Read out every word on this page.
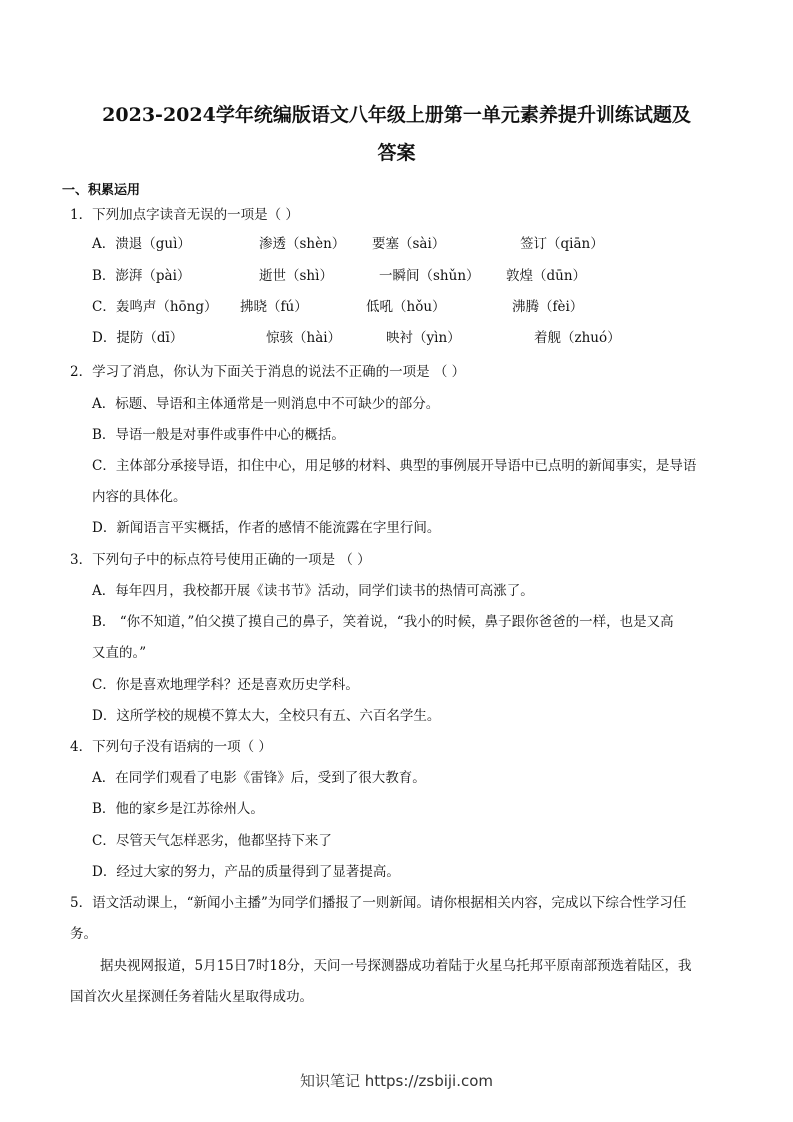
2023-2024学年统编版语文八年级上册第一单元素养提升训练试题及
答案
一、积累运用
1．下列加点字读音无误的一项是（ ）
A．溃退（guì）	渗透（shèn） 要塞（sài）	签订（qiān）
B．澎湃（pài）	逝世（shì）	一瞬间（shǔn） 敦煌（dūn）
C．轰鸣声（hōng） 拂晓（fú）	低吼（hǒu）	沸腾（fèi）
D．提防（dī）	惊骇（hài）	映衬（yìn）	着舰（zhuó）
2．学习了消息，你认为下面关于消息的说法不正确的一项是 （ ）
A．标题、导语和主体通常是一则消息中不可缺少的部分。
B．导语一般是对事件或事件中心的概括。
C．主体部分承接导语，扣住中心，用足够的材料、典型的事例展开导语中已点明的新闻事实，是导语
内容的具体化。
D．新闻语言平实概括，作者的感情不能流露在字里行间。
3．下列句子中的标点符号使用正确的一项是 （ ）
A．每年四月，我校都开展《读书节》活动，同学们读书的热情可高涨了。
B． “你不知道，”伯父摸了摸自己的鼻子，笑着说，“我小的时候，鼻子跟你爸爸的一样，也是又高
又直的。”
C．你是喜欢地理学科？还是喜欢历史学科。
D．这所学校的规模不算太大，全校只有五、六百名学生。
4．下列句子没有语病的一项（ ）
A．在同学们观看了电影《雷锋》后，受到了很大教育。
B．他的家乡是江苏徐州人。
C．尽管天气怎样恶劣，他都坚持下来了
D．经过大家的努力，产品的质量得到了显著提高。
5．语文活动课上，“新闻小主播”为同学们播报了一则新闻。请你根据相关内容，完成以下综合性学习任
务。
据央视网报道，5月15日7时18分，天问一号探测器成功着陆于火星乌托邦平原南部预选着陆区，我
国首次火星探测任务着陆火星取得成功。
知识笔记 https://zsbiji.com
